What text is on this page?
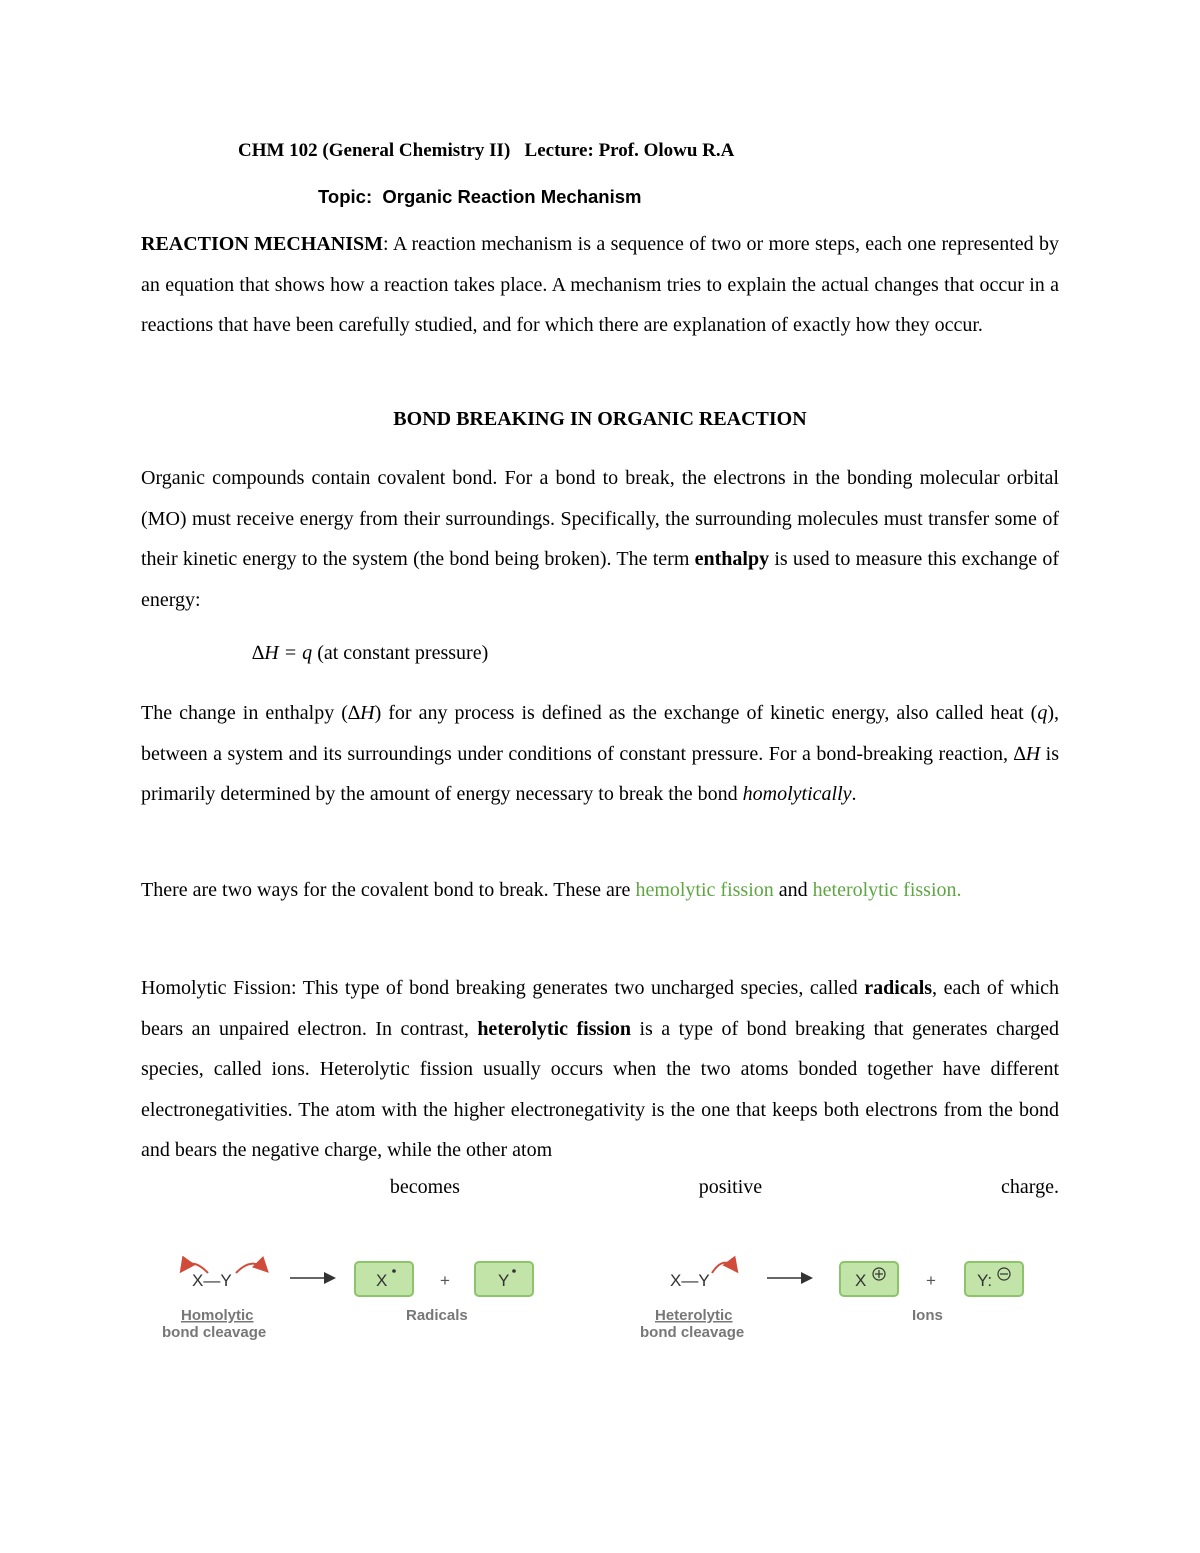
CHM 102 (General Chemistry II) Lecture: Prof. Olowu R.A
Topic:  Organic Reaction Mechanism

REACTION MECHANISM: A reaction mechanism is a sequence of two or more steps, each one represented by an equation that shows how a reaction takes place. A mechanism tries to explain the actual changes that occur in a reactions that have been carefully studied, and for which there are explanation of exactly how they occur.

BOND BREAKING IN ORGANIC REACTION

Organic compounds contain covalent bond. For a bond to break, the electrons in the bonding molecular orbital (MO) must receive energy from their surroundings. Specifically, the surrounding molecules must transfer some of their kinetic energy to the system (the bond being broken). The term enthalpy is used to measure this exchange of energy:

∆H = q (at constant pressure)

The change in enthalpy (∆H) for any process is defined as the exchange of kinetic energy, also called heat (q), between a system and its surroundings under conditions of constant pressure. For a bond-breaking reaction, ∆H is primarily determined by the amount of energy necessary to break the bond homolytically.

There are two ways for the covalent bond to break. These are hemolytic fission and heterolytic fission.

Homolytic Fission: This type of bond breaking generates two uncharged species, called radicals, each of which bears an unpaired electron. In contrast, heterolytic fission is a type of bond breaking that generates charged species, called ions. Heterolytic fission usually occurs when the two atoms bonded together have different electronegativities. The atom with the higher electronegativity is the one that keeps both electrons from the bond and bears the negative charge, while the other atom

becomes	positive	charge.
X—Y	X	+	Y
Homolytic
bond cleavage
Radicals
X—Y	X	+ Y:
Heterolytic
bond cleavage
Ions
